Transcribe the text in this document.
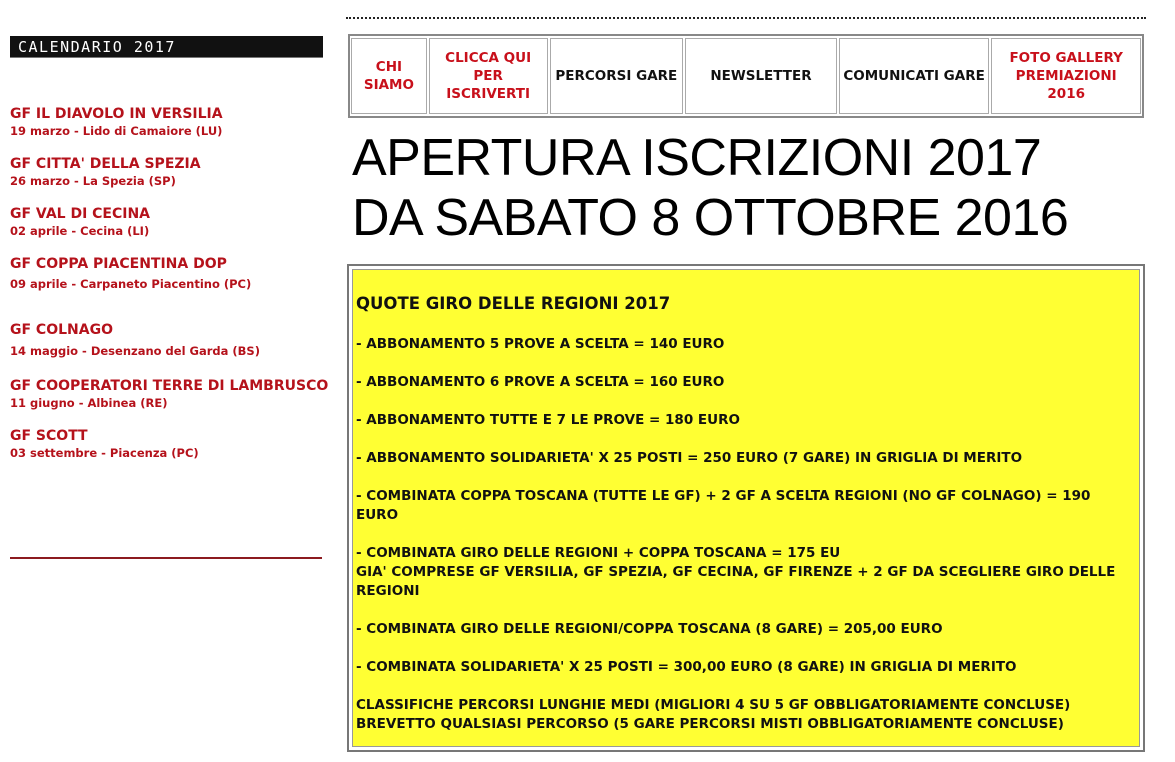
CALENDARIO 2017
GF IL DIAVOLO IN VERSILIA
19 marzo - Lido di Camaiore (LU)
GF CITTA' DELLA SPEZIA
26 marzo - La Spezia (SP)
GF VAL DI CECINA
02 aprile - Cecina (LI)
GF COPPA PIACENTINA DOP
09 aprile - Carpaneto Piacentino (PC)
GF COLNAGO
14 maggio - Desenzano del Garda (BS)
GF COOPERATORI TERRE DI LAMBRUSCO
11 giugno - Albinea (RE)
GF SCOTT
03 settembre - Piacenza (PC)
CHI
SIAMO
CLICCA QUI
PER ISCRIVERTI
PERCORSI GARE	NEWSLETTER	COMUNICATI GARE
FOTO GALLERY
PREMIAZIONI 2016
APERTURA ISCRIZIONI 2017
DA SABATO 8 OTTOBRE 2016
QUOTE GIRO DELLE REGIONI 2017
- ABBONAMENTO 5 PROVE A SCELTA = 140 EURO
- ABBONAMENTO 6 PROVE A SCELTA = 160 EURO
- ABBONAMENTO TUTTE E 7 LE PROVE = 180 EURO
- ABBONAMENTO SOLIDARIETA' X 25 POSTI = 250 EURO (7 GARE) IN GRIGLIA DI MERITO
- COMBINATA COPPA TOSCANA (TUTTE LE GF) + 2 GF A SCELTA REGIONI (NO GF COLNAGO) = 190
EURO
- COMBINATA GIRO DELLE REGIONI + COPPA TOSCANA = 175 EU
GIA' COMPRESE GF VERSILIA, GF SPEZIA, GF CECINA, GF FIRENZE + 2 GF DA SCEGLIERE GIRO DELLE
REGIONI
- COMBINATA GIRO DELLE REGIONI/COPPA TOSCANA (8 GARE) = 205,00 EURO
- COMBINATA SOLIDARIETA' X 25 POSTI = 300,00 EURO (8 GARE) IN GRIGLIA DI MERITO
CLASSIFICHE PERCORSI LUNGHIE MEDI (MIGLIORI 4 SU 5 GF OBBLIGATORIAMENTE CONCLUSE)
BREVETTO QUALSIASI PERCORSO (5 GARE PERCORSI MISTI OBBLIGATORIAMENTE CONCLUSE)
